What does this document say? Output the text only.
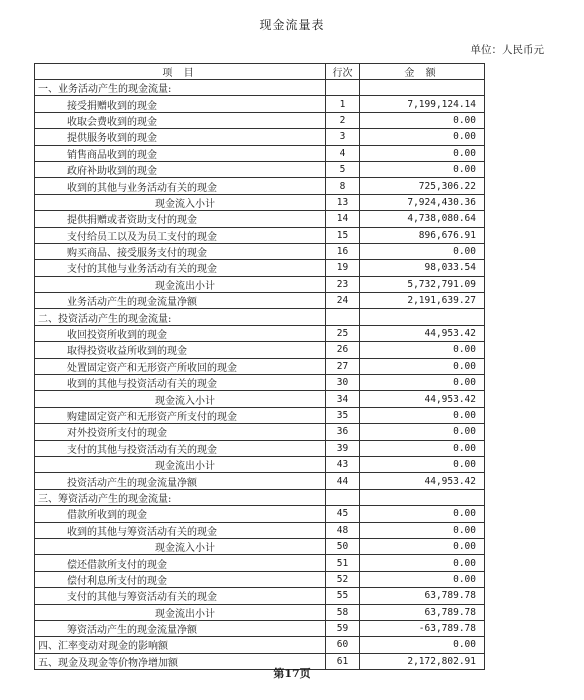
现金流量表
单位：人民币元
项 目	行次	金 额
一、业务活动产生的现金流量:		
接受捐赠收到的现金	1	7,199,124.14
收取会费收到的现金	2	0.00
提供服务收到的现金	3	0.00
销售商品收到的现金	4	0.00
政府补助收到的现金	5	0.00
收到的其他与业务活动有关的现金	8	725,306.22
现金流入小计	13	7,924,430.36
提供捐赠或者资助支付的现金	14	4,738,080.64
支付给员工以及为员工支付的现金	15	896,676.91
购买商品、接受服务支付的现金	16	0.00
支付的其他与业务活动有关的现金	19	98,033.54
现金流出小计	23	5,732,791.09
业务活动产生的现金流量净额	24	2,191,639.27
二、投资活动产生的现金流量:		
收回投资所收到的现金	25	44,953.42
取得投资收益所收到的现金	26	0.00
处置固定资产和无形资产所收回的现金	27	0.00
收到的其他与投资活动有关的现金	30	0.00
现金流入小计	34	44,953.42
购建固定资产和无形资产所支付的现金	35	0.00
对外投资所支付的现金	36	0.00
支付的其他与投资活动有关的现金	39	0.00
现金流出小计	43	0.00
投资活动产生的现金流量净额	44	44,953.42
三、筹资活动产生的现金流量:		
借款所收到的现金	45	0.00
收到的其他与筹资活动有关的现金	48	0.00
现金流入小计	50	0.00
偿还借款所支付的现金	51	0.00
偿付利息所支付的现金	52	0.00
支付的其他与筹资活动有关的现金	55	63,789.78
现金流出小计	58	63,789.78
筹资活动产生的现金流量净额	59	-63,789.78
四、汇率变动对现金的影响额	60	0.00
五、现金及现金等价物净增加额	61	2,172,802.91
第17页
